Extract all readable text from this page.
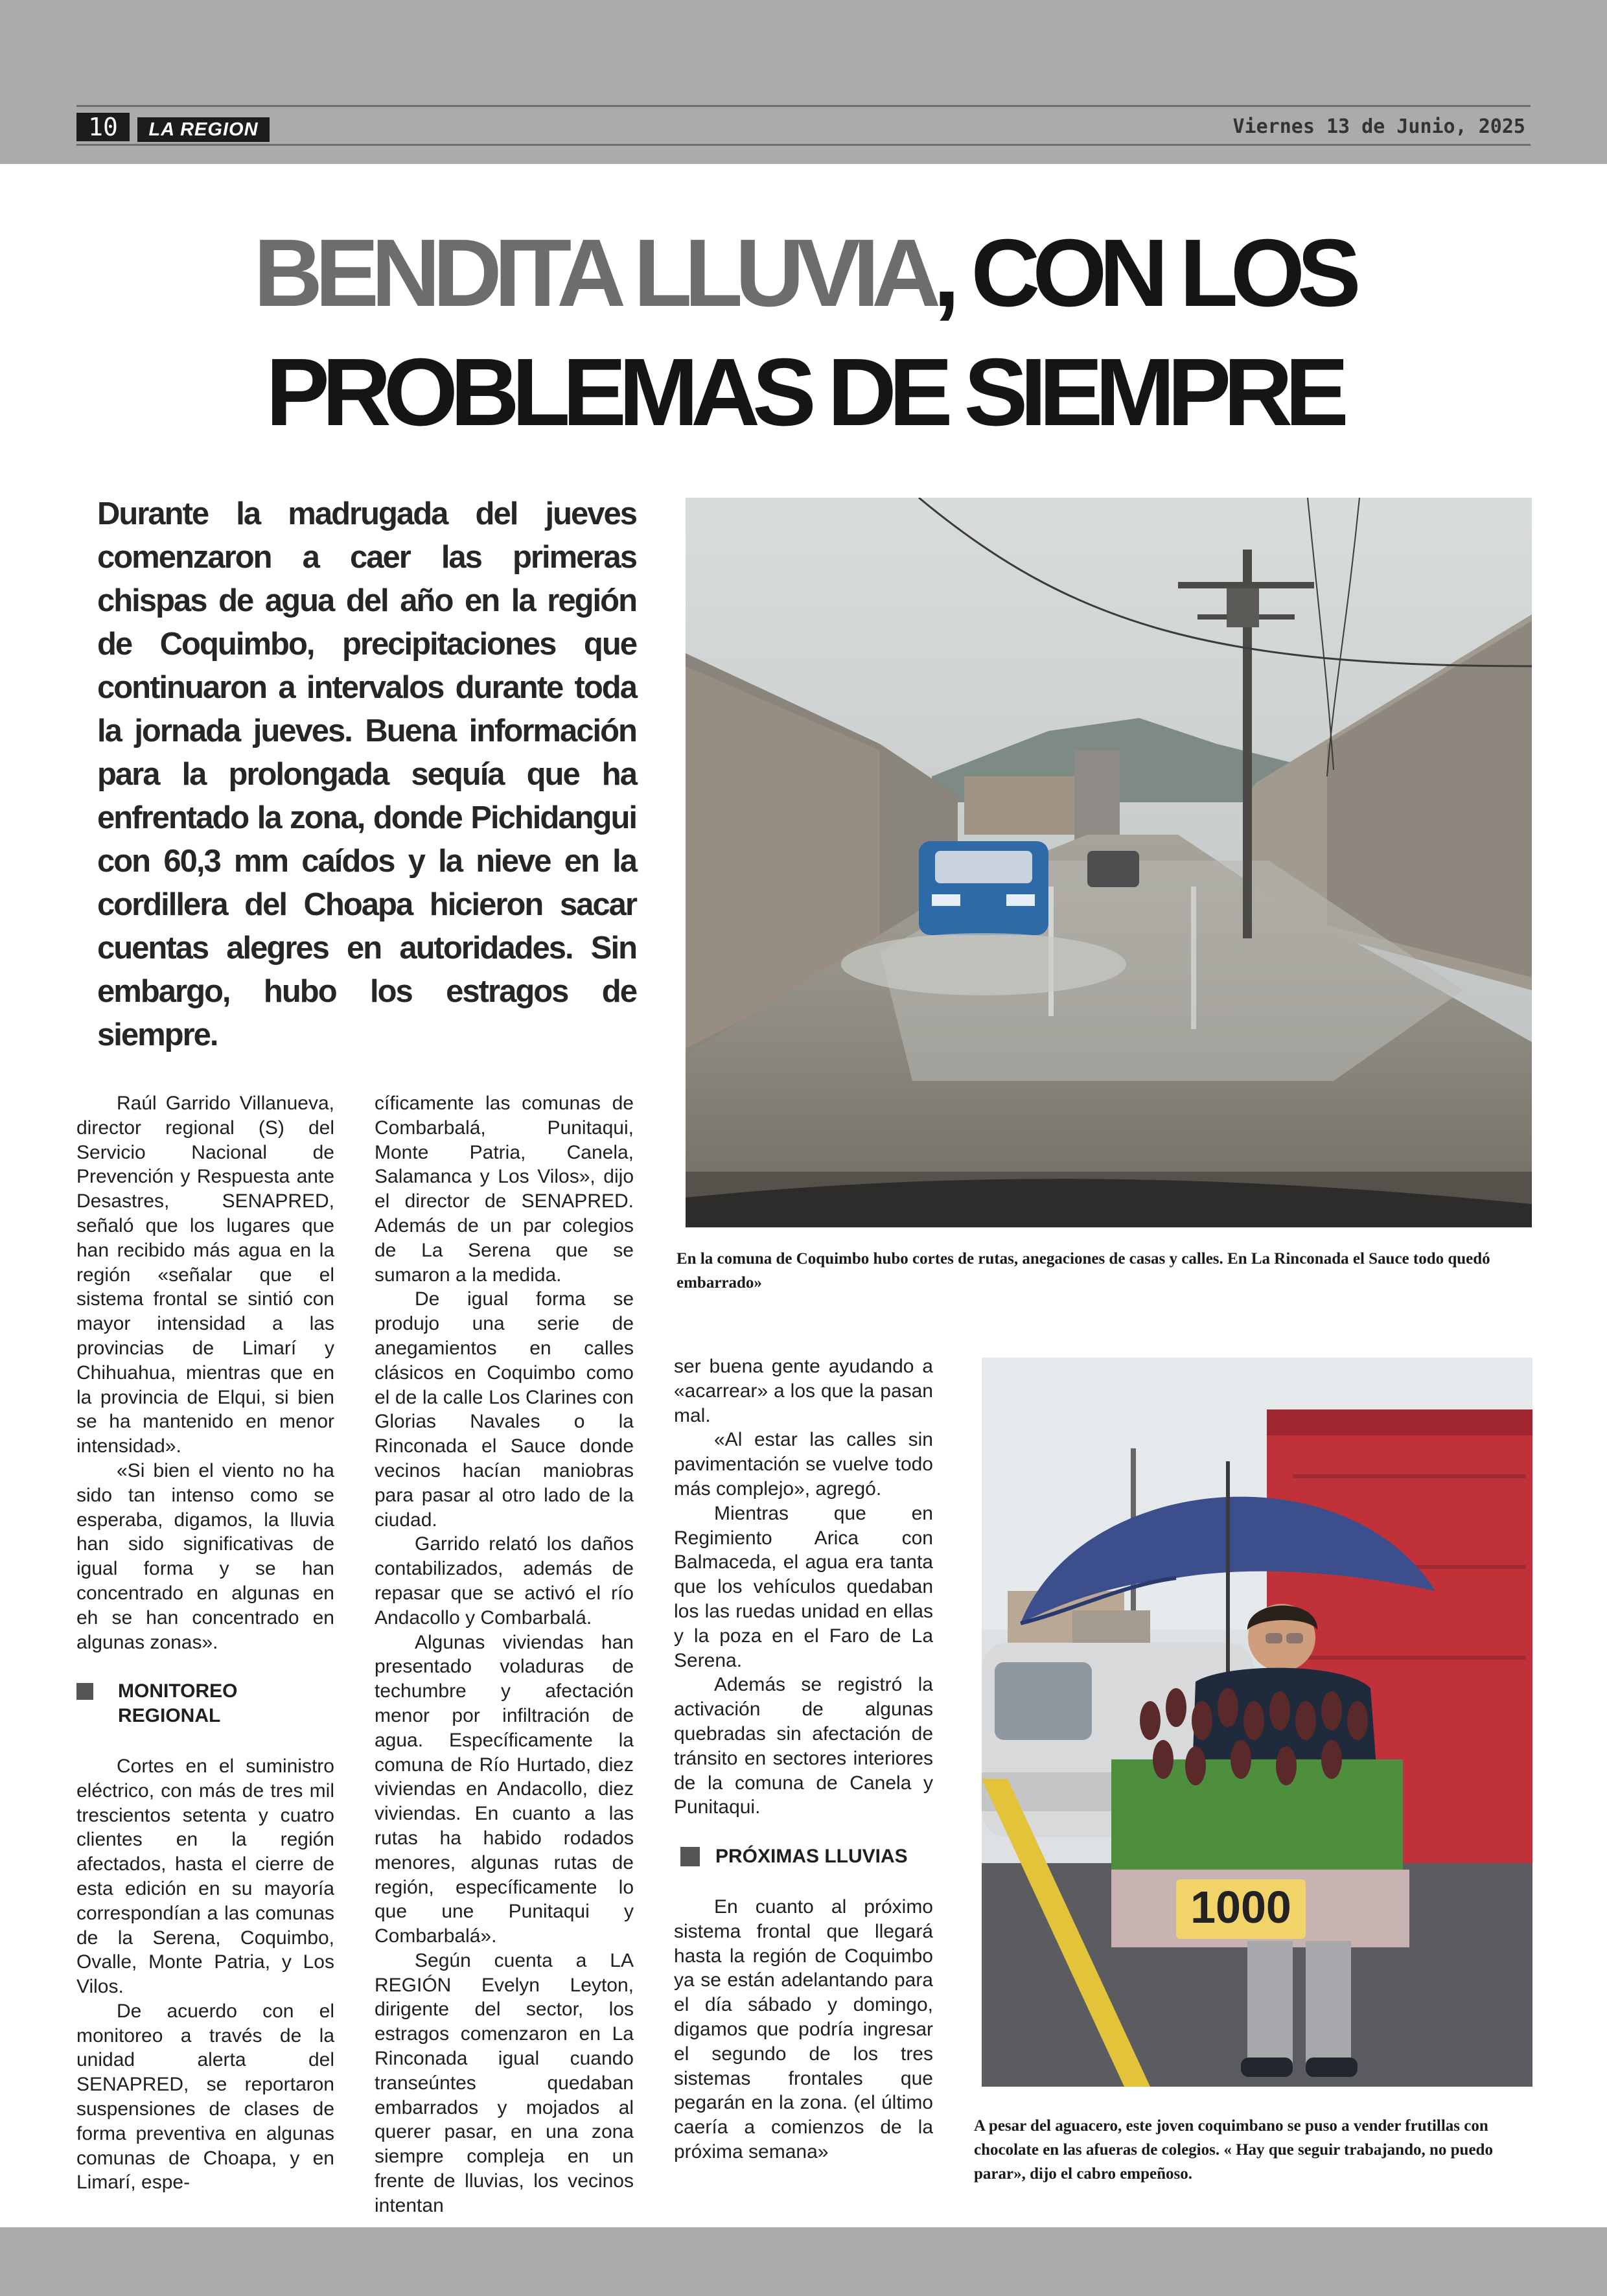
10	LA REGION	Viernes 13 de Junio, 2025
BENDITA LLUVIA, CON LOS PROBLEMAS DE SIEMPRE

Durante la madrugada del jueves comenzaron a caer las primeras chispas de agua del año en la región de Coquimbo, precipitaciones que continuaron a intervalos durante toda la jornada jueves. Buena información para la prolongada sequía que ha enfrentado la zona, donde Pichidangui con 60,3 mm caídos y la nieve en la cordillera del Choapa hicieron sacar cuentas alegres en autoridades. Sin embargo, hubo los estragos de siempre.

En la comuna de Coquimbo hubo cortes de rutas, anegaciones de casas y calles. En La Rinconada el Sauce todo quedó embarrado»

1000

A pesar del aguacero, este joven coquimbano se puso a vender frutillas con chocolate en las afueras de colegios. « Hay que seguir trabajando, no puedo parar», dijo el cabro empeñoso.

Raúl Garrido Villanueva, director regional (S) del Servicio Nacional de Prevención y Respuesta ante Desastres, SENAPRED, señaló que los lugares que han recibido más agua en la región «señalar que el sistema frontal se sintió con mayor intensidad a las provincias de Limarí y Chihuahua, mientras que en la provincia de Elqui, si bien se ha mantenido en menor intensidad».

«Si bien el viento no ha sido tan intenso como se esperaba, digamos, la lluvia han sido significativas de igual forma y se han concentrado en algunas en eh se han concentrado en algunas zonas».

MONITOREO REGIONAL

Cortes en el suministro eléctrico, con más de tres mil trescientos setenta y cuatro clientes en la región afectados, hasta el cierre de esta edición en su mayoría correspondían a las comunas de la Serena, Coquimbo, Ovalle, Monte Patria, y Los Vilos.

De acuerdo con el monitoreo a través de la unidad alerta del SENAPRED, se reportaron suspensiones de clases de forma preventiva en algunas comunas de Choapa, y en Limarí, espe-

cíficamente las comunas de Combarbalá, Punitaqui, Monte Patria, Canela, Salamanca y Los Vilos», dijo el director de SENAPRED. Además de un par colegios de La Serena que se sumaron a la medida.

De igual forma se produjo una serie de anegamientos en calles clásicos en Coquimbo como el de la calle Los Clarines con Glorias Navales o la Rinconada el Sauce donde vecinos hacían maniobras para pasar al otro lado de la ciudad.

Garrido relató los daños contabilizados, además de repasar que se activó el río Andacollo y Combarbalá.

Algunas viviendas han presentado voladuras de techumbre y afectación menor por infiltración de agua. Específicamente la comuna de Río Hurtado, diez viviendas en Andacollo, diez viviendas. En cuanto a las rutas ha habido rodados menores, algunas rutas de región, específicamente lo que une Punitaqui y Combarbalá».

Según cuenta a LA REGIÓN Evelyn Leyton, dirigente del sector, los estragos comenzaron en La Rinconada igual cuando transeúntes quedaban embarrados y mojados al querer pasar, en una zona siempre compleja en un frente de lluvias, los vecinos intentan

ser buena gente ayudando a «acarrear» a los que la pasan mal.

«Al estar las calles sin pavimentación se vuelve todo más complejo», agregó.

Mientras que en Regimiento Arica con Balmaceda, el agua era tanta que los vehículos quedaban los las ruedas unidad en ellas y la poza en el Faro de La Serena.

Además se registró la activación de algunas quebradas sin afectación de tránsito en sectores interiores de la comuna de Canela y Punitaqui.

PRÓXIMAS LLUVIAS

En cuanto al próximo sistema frontal que llegará hasta la región de Coquimbo ya se están adelantando para el día sábado y domingo, digamos que podría ingresar el segundo de los tres sistemas frontales que pegarán en la zona. (el último caería a comienzos de la próxima semana»
